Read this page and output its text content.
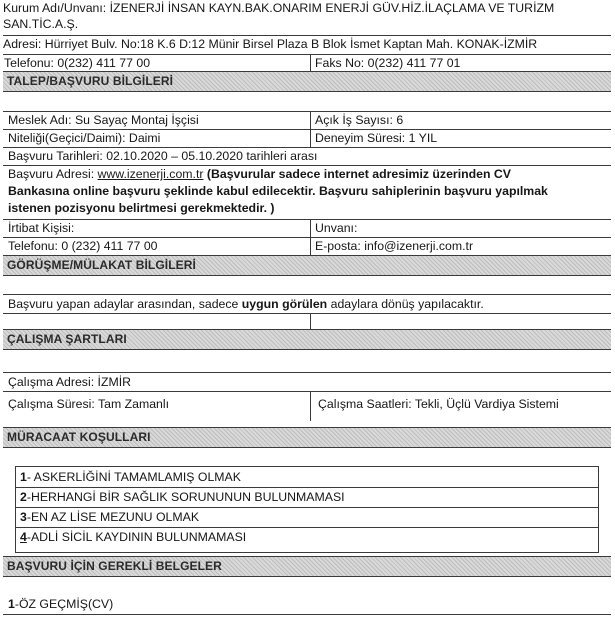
Kurum Adı/Unvanı: İZENERJİ İNSAN KAYN.BAK.ONARIM ENERJİ GÜV.HİZ.İLAÇLAMA VE TURİZM
SAN.TİC.A.Ş.
Adresi: Hürriyet Bulv. No:18 K.6 D:12 Münir Birsel Plaza B Blok İsmet Kaptan Mah. KONAK-İZMİR
Telefonu: 0(232) 411 77 00	Faks No: 0(232) 411 77 01
TALEP/BAŞVURU BİLGİLERİ
Meslek Adı: Su Sayaç Montaj İşçisi	Açık İş Sayısı: 6
Niteliği(Geçici/Daimi): Daimi	Deneyim Süresi: 1 YIL
Başvuru Tarihleri: 02.10.2020 – 05.10.2020 tarihleri arası
Başvuru Adresi: www.izenerji.com.tr (Başvurular sadece internet adresimiz üzerinden CV
Bankasına online başvuru şeklinde kabul edilecektir. Başvuru sahiplerinin başvuru yapılmak
istenen pozisyonu belirtmesi gerekmektedir. )
İrtibat Kişisi:	Unvanı:
Telefonu: 0 (232) 411 77 00	E-posta: info@izenerji.com.tr
GÖRÜŞME/MÜLAKAT BİLGİLERİ
Başvuru yapan adaylar arasından, sadece uygun görülen adaylara dönüş yapılacaktır.
ÇALIŞMA ŞARTLARI
Çalışma Adresi: İZMİR
Çalışma Süresi: Tam Zamanlı	Çalışma Saatleri: Tekli, Üçlü Vardiya Sistemi
MÜRACAAT KOŞULLARI
1- ASKERLİĞİNİ TAMAMLAMIŞ OLMAK
2-HERHANGİ BİR SAĞLIK SORUNUNUN BULUNMAMASI
3-EN AZ LİSE MEZUNU OLMAK
4-ADLİ SİCİL KAYDININ BULUNMAMASI
BAŞVURU İÇİN GEREKLİ BELGELER
1-ÖZ GEÇMİŞ(CV)
